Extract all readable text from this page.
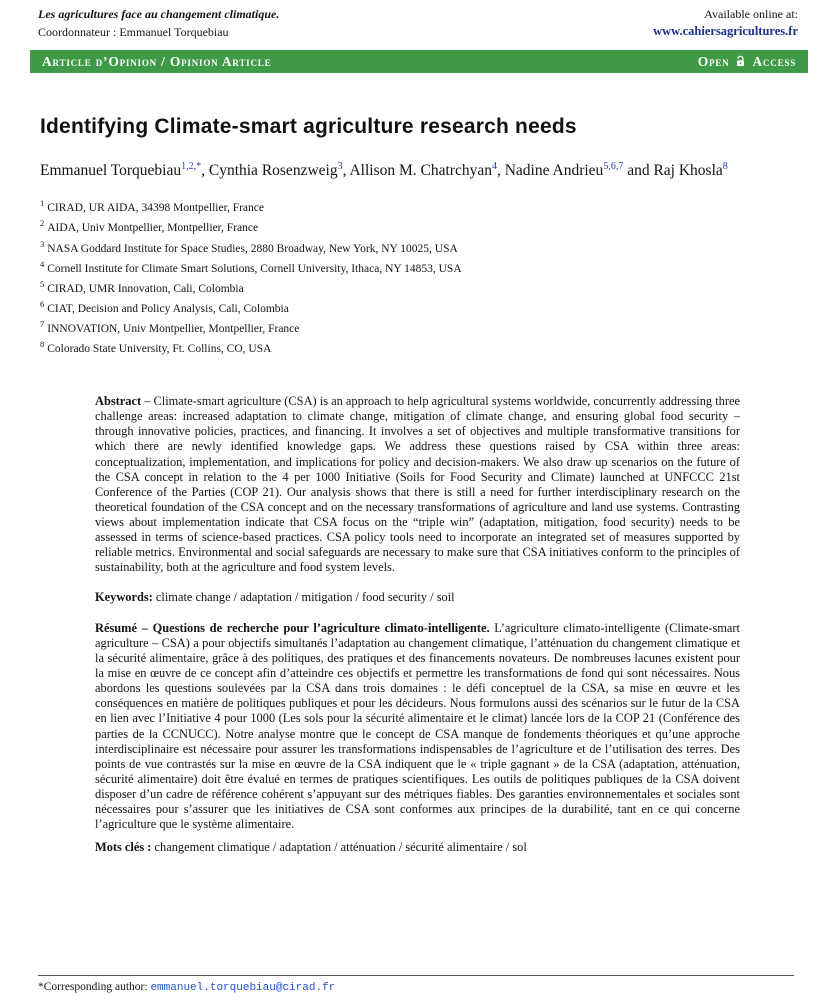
Les agricultures face au changement climatique.
Coordonnateur : Emmanuel Torquebiau
Available online at:
www.cahiersagricultures.fr
Article d’Opinion / Opinion Article	Open Access
Identifying Climate-smart agriculture research needs

Emmanuel Torquebiau$^{1,2,*}$, Cynthia Rosenzweig$^3$, Allison M. Chatrchyan$^4$, Nadine Andrieu$^{5,6,7}$ and Raj Khosla$^8$

$^1$ CIRAD, UR AIDA, 34398 Montpellier, France
$^2$ AIDA, Univ Montpellier, Montpellier, France
$^3$ NASA Goddard Institute for Space Studies, 2880 Broadway, New York, NY 10025, USA
$^4$ Cornell Institute for Climate Smart Solutions, Cornell University, Ithaca, NY 14853, USA
$^5$ CIRAD, UMR Innovation, Cali, Colombia
$^6$ CIAT, Decision and Policy Analysis, Cali, Colombia
$^7$ INNOVATION, Univ Montpellier, Montpellier, France
$^8$ Colorado State University, Ft. Collins, CO, USA

Abstract – Climate-smart agriculture (CSA) is an approach to help agricultural systems worldwide, concurrently addressing three challenge areas: increased adaptation to climate change, mitigation of climate change, and ensuring global food security – through innovative policies, practices, and financing. It involves a set of objectives and multiple transformative transitions for which there are newly identified knowledge gaps. We address these questions raised by CSA within three areas: conceptualization, implementation, and implications for policy and decision-makers. We also draw up scenarios on the future of the CSA concept in relation to the 4 per 1000 Initiative (Soils for Food Security and Climate) launched at UNFCCC 21st Conference of the Parties (COP 21). Our analysis shows that there is still a need for further interdisciplinary research on the theoretical foundation of the CSA concept and on the necessary transformations of agriculture and land use systems. Contrasting views about implementation indicate that CSA focus on the “triple win” (adaptation, mitigation, food security) needs to be assessed in terms of science-based practices. CSA policy tools need to incorporate an integrated set of measures supported by reliable metrics. Environmental and social safeguards are necessary to make sure that CSA initiatives conform to the principles of sustainability, both at the agriculture and food system levels.

Keywords: climate change / adaptation / mitigation / food security / soil

Résumé – Questions de recherche pour l’agriculture climato-intelligente. L’agriculture climato-intelligente (Climate-smart agriculture – CSA) a pour objectifs simultanés l’adaptation au changement climatique, l’atténuation du changement climatique et la sécurité alimentaire, grâce à des politiques, des pratiques et des financements novateurs. De nombreuses lacunes existent pour la mise en œuvre de ce concept afin d’atteindre ces objectifs et permettre les transformations de fond qui sont nécessaires. Nous abordons les questions soulevées par la CSA dans trois domaines : le défi conceptuel de la CSA, sa mise en œuvre et les conséquences en matière de politiques publiques et pour les décideurs. Nous formulons aussi des scénarios sur le futur de la CSA en lien avec l’Initiative 4 pour 1000 (Les sols pour la sécurité alimentaire et le climat) lancée lors de la COP 21 (Conférence des parties de la CCNUCC). Notre analyse montre que le concept de CSA manque de fondements théoriques et qu’une approche interdisciplinaire est nécessaire pour assurer les transformations indispensables de l’agriculture et de l’utilisation des terres. Des points de vue contrastés sur la mise en œuvre de la CSA indiquent que le « triple gagnant » de la CSA (adaptation, atténuation, sécurité alimentaire) doit être évalué en termes de pratiques scientifiques. Les outils de politiques publiques de la CSA doivent disposer d’un cadre de référence cohérent s’appuyant sur des métriques fiables. Des garanties environnementales et sociales sont nécessaires pour s’assurer que les initiatives de CSA sont conformes aux principes de la durabilité, tant en ce qui concerne l’agriculture que le système alimentaire.

Mots clés : changement climatique / adaptation / atténuation / sécurité alimentaire / sol

*Corresponding author: emmanuel.torquebiau@cirad.fr
